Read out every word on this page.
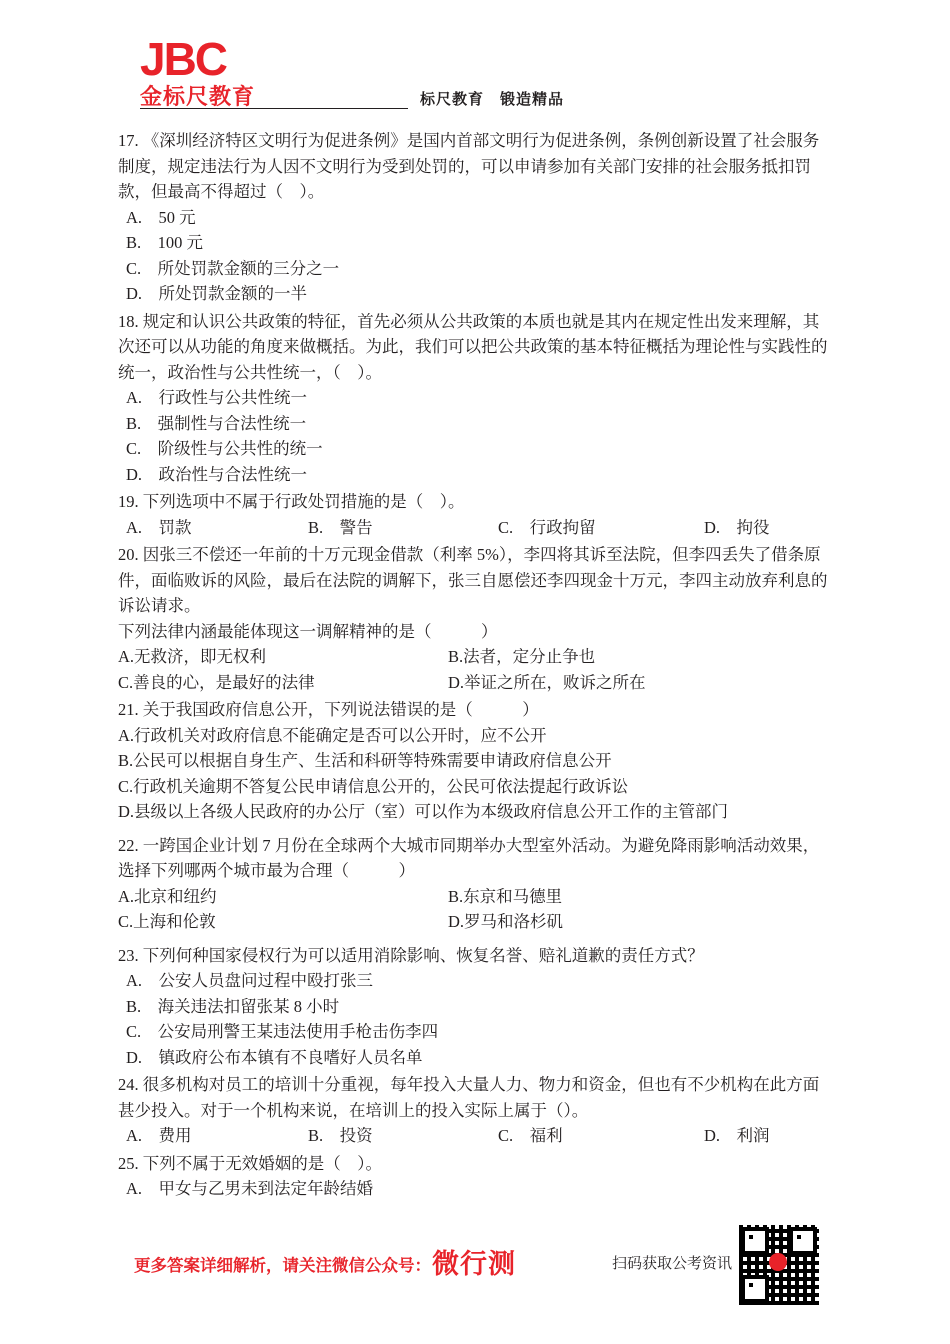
JBC
金标尺教育	标尺教育　锻造精品
17. 《深圳经济特区文明行为促进条例》是国内首部文明行为促进条例，条例创新设置了社会服务制度，规定违法行为人因不文明行为受到处罚的，可以申请参加有关部门安排的社会服务抵扣罚款，但最高不得超过（　）。
A.　50 元
B.　100 元
C.　所处罚款金额的三分之一
D.　所处罚款金额的一半
18. 规定和认识公共政策的特征，首先必须从公共政策的本质也就是其内在规定性出发来理解，其次还可以从功能的角度来做概括。为此，我们可以把公共政策的基本特征概括为理论性与实践性的统一，政治性与公共性统一，（　）。
A.　行政性与公共性统一
B.　强制性与合法性统一
C.　阶级性与公共性的统一
D.　政治性与合法性统一
19. 下列选项中不属于行政处罚措施的是（　）。
A.　罚款	B.　警告	C.　行政拘留	D.　拘役
20. 因张三不偿还一年前的十万元现金借款（利率 5%），李四将其诉至法院，但李四丢失了借条原件，面临败诉的风险，最后在法院的调解下，张三自愿偿还李四现金十万元，李四主动放弃利息的诉讼请求。
下列法律内涵最能体现这一调解精神的是（　　　）
A.无救济，即无权利	B.法者，定分止争也
C.善良的心，是最好的法律	D.举证之所在，败诉之所在
21. 关于我国政府信息公开，下列说法错误的是（　　　）
A.行政机关对政府信息不能确定是否可以公开时，应不公开
B.公民可以根据自身生产、生活和科研等特殊需要申请政府信息公开
C.行政机关逾期不答复公民申请信息公开的，公民可依法提起行政诉讼
D.县级以上各级人民政府的办公厅（室）可以作为本级政府信息公开工作的主管部门
22. 一跨国企业计划 7 月份在全球两个大城市同期举办大型室外活动。为避免降雨影响活动效果，选择下列哪两个城市最为合理（　　　）
A.北京和纽约	B.东京和马德里
C.上海和伦敦	D.罗马和洛杉矶
23. 下列何种国家侵权行为可以适用消除影响、恢复名誉、赔礼道歉的责任方式？
A.　公安人员盘问过程中殴打张三
B.　海关违法扣留张某 8 小时
C.　公安局刑警王某违法使用手枪击伤李四
D.　镇政府公布本镇有不良嗜好人员名单
24. 很多机构对员工的培训十分重视，每年投入大量人力、物力和资金，但也有不少机构在此方面甚少投入。对于一个机构来说，在培训上的投入实际上属于（）。
A.　费用	B.　投资	C.　福利	D.　利润
25. 下列不属于无效婚姻的是（　）。
A.　甲女与乙男未到法定年龄结婚
更多答案详细解析，请关注微信公众号： 微行测	扫码获取公考资讯
